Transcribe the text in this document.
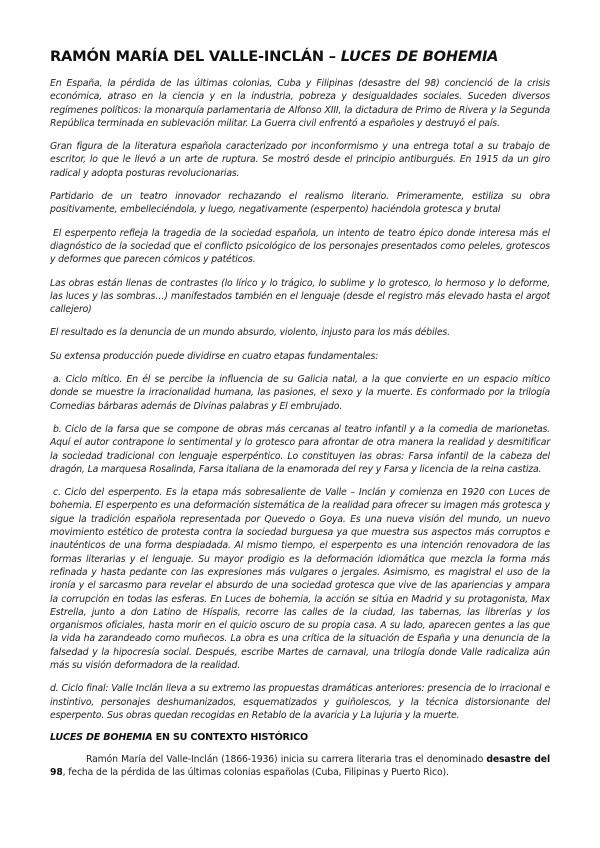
RAMÓN MARÍA DEL VALLE-INCLÁN – LUCES DE BOHEMIA

En España, la pérdida de las últimas colonias, Cuba y Filipinas (desastre del 98) concienció de la crisis económica, atraso en la ciencia y en la industria, pobreza y desigualdades sociales. Suceden diversos regímenes políticos: la monarquía parlamentaria de Alfonso XIII, la dictadura de Primo de Rivera y la Segunda República terminada en sublevación militar. La Guerra civil enfrentó a españoles y destruyó el país.

Gran figura de la literatura española caracterizado por inconformismo y una entrega total a su trabajo de escritor, lo que le llevó a un arte de ruptura. Se mostró desde el principio antiburgués. En 1915 da un giro radical y adopta posturas revolucionarias.

Partidario de un teatro innovador rechazando el realismo literario. Primeramente, estiliza su obra positivamente, embelleciéndola, y luego, negativamente (esperpento) haciéndola grotesca y brutal

El esperpento refleja la tragedia de la sociedad española, un intento de teatro épico donde interesa más el diagnóstico de la sociedad que el conflicto psicológico de los personajes presentados como peleles, grotescos y deformes que parecen cómicos y patéticos.

Las obras están llenas de contrastes (lo lírico y lo trágico, lo sublime y lo grotesco, lo hermoso y lo deforme, las luces y las sombras…) manifestados también en el lenguaje (desde el registro más elevado hasta el argot callejero)

El resultado es la denuncia de un mundo absurdo, violento, injusto para los más débiles.

Su extensa producción puede dividirse en cuatro etapas fundamentales:

a. Ciclo mítico. En él se percibe la influencia de su Galicia natal, a la que convierte en un espacio mítico donde se muestre la irracionalidad humana, las pasiones, el sexo y la muerte. Es conformado por la trilogía Comedias bárbaras además de Divinas palabras y El embrujado.

b. Ciclo de la farsa que se compone de obras más cercanas al teatro infantil y a la comedia de marionetas. Aquí el autor contrapone lo sentimental y lo grotesco para afrontar de otra manera la realidad y desmitificar la sociedad tradicional con lenguaje esperpéntico. Lo constituyen las obras: Farsa infantil de la cabeza del dragón, La marquesa Rosalinda, Farsa italiana de la enamorada del rey y Farsa y licencia de la reina castiza.

c. Ciclo del esperpento. Es la etapa más sobresaliente de Valle – Inclán y comienza en 1920 con Luces de bohemia. El esperpento es una deformación sistemática de la realidad para ofrecer su imagen más grotesca y sigue la tradición española representada por Quevedo o Goya. Es una nueva visión del mundo, un nuevo movimiento estético de protesta contra la sociedad burguesa ya que muestra sus aspectos más corruptos e inauténticos de una forma despiadada. Al mismo tiempo, el esperpento es una intención renovadora de las formas literarias y el lenguaje. Su mayor prodigio es la deformación idiomática que mezcla la forma más refinada y hasta pedante con las expresiones más vulgares o jergales. Asimismo, es magistral el uso de la ironía y el sarcasmo para revelar el absurdo de una sociedad grotesca que vive de las apariencias y ampara la corrupción en todas las esferas. En Luces de bohemia, la acción se sitúa en Madrid y su protagonista, Max Estrella, junto a don Latino de Híspalis, recorre las calles de la ciudad, las tabernas, las librerías y los organismos oficiales, hasta morir en el quicio oscuro de su propia casa. A su lado, aparecen gentes a las que la vida ha zarandeado como muñecos. La obra es una crítica de la situación de España y una denuncia de la falsedad y la hipocresía social. Después, escribe Martes de carnaval, una trilogía donde Valle radicaliza aún más su visión deformadora de la realidad.

d. Ciclo final: Valle Inclán lleva a su extremo las propuestas dramáticas anteriores: presencia de lo irracional e instintivo, personajes deshumanizados, esquematizados y guiñolescos, y la técnica distorsionante del esperpento. Sus obras quedan recogidas en Retablo de la avaricia y La lujuria y la muerte.

LUCES DE BOHEMIA EN SU CONTEXTO HISTÓRICO

Ramón María del Valle-Inclán (1866-1936) inicia su carrera literaria tras el denominado desastre del 98, fecha de la pérdida de las últimas colonias españolas (Cuba, Filipinas y Puerto Rico).
